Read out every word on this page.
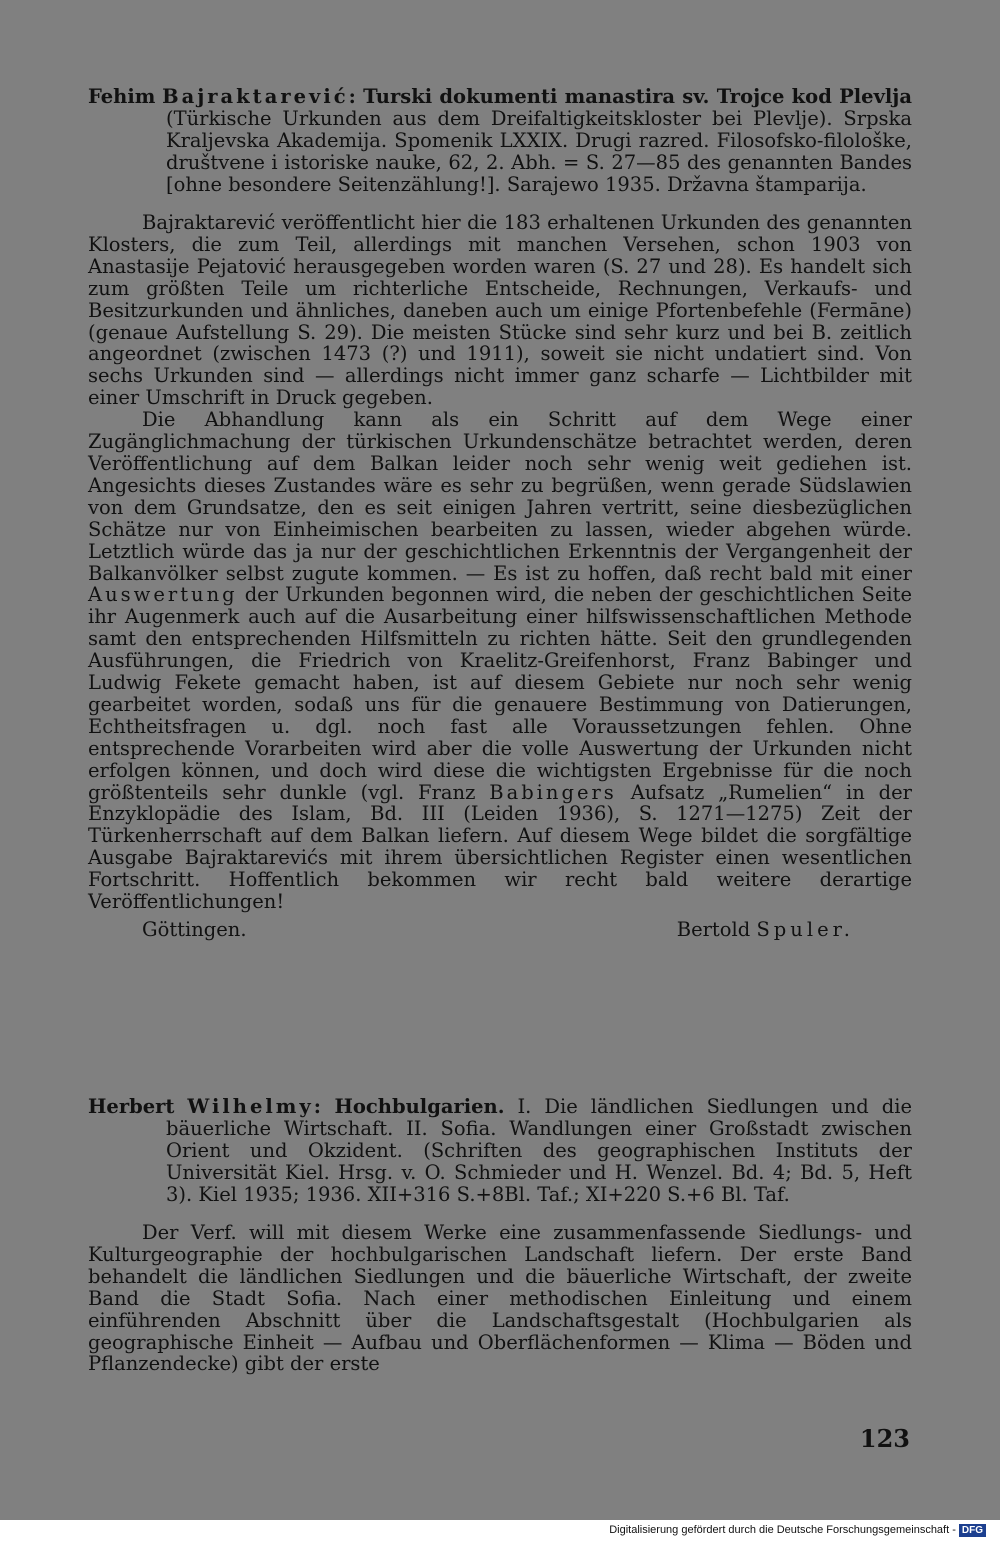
Fehim Bajraktarević: Turski dokumenti manastira sv. Trojce kod Plevlja (Türkische Urkunden aus dem Dreifaltigkeitskloster bei Plevlje). Srpska Kraljevska Akademija. Spomenik LXXIX. Drugi razred. Filosofsko-filološke, društvene i istoriske nauke, 62, 2. Abh. = S. 27—85 des genannten Bandes [ohne besondere Seitenzählung!]. Sarajewo 1935. Državna štamparija.

Bajraktarević veröffentlicht hier die 183 erhaltenen Urkunden des genannten Klosters, die zum Teil, allerdings mit manchen Versehen, schon 1903 von Anastasije Pejatović herausgegeben worden waren (S. 27 und 28). Es handelt sich zum größten Teile um richterliche Entscheide, Rechnungen, Verkaufs- und Besitzurkunden und ähnliches, daneben auch um einige Pfortenbefehle (Fermāne) (genaue Aufstellung S. 29). Die meisten Stücke sind sehr kurz und bei B. zeitlich angeordnet (zwischen 1473 (?) und 1911), soweit sie nicht undatiert sind. Von sechs Urkunden sind — allerdings nicht immer ganz scharfe — Lichtbilder mit einer Umschrift in Druck gegeben.

Die Abhandlung kann als ein Schritt auf dem Wege einer Zugänglichmachung der türkischen Urkundenschätze betrachtet werden, deren Veröffentlichung auf dem Balkan leider noch sehr wenig weit gediehen ist. Angesichts dieses Zustandes wäre es sehr zu begrüßen, wenn gerade Südslawien von dem Grundsatze, den es seit einigen Jahren vertritt, seine diesbezüglichen Schätze nur von Einheimischen bearbeiten zu lassen, wieder abgehen würde. Letztlich würde das ja nur der geschichtlichen Erkenntnis der Vergangenheit der Balkanvölker selbst zugute kommen. — Es ist zu hoffen, daß recht bald mit einer Auswertung der Urkunden begonnen wird, die neben der geschichtlichen Seite ihr Augenmerk auch auf die Ausarbeitung einer hilfswissenschaftlichen Methode samt den entsprechenden Hilfsmitteln zu richten hätte. Seit den grundlegenden Ausführungen, die Friedrich von Kraelitz-Greifenhorst, Franz Babinger und Ludwig Fekete gemacht haben, ist auf diesem Gebiete nur noch sehr wenig gearbeitet worden, sodaß uns für die genauere Bestimmung von Datierungen, Echtheitsfragen u. dgl. noch fast alle Voraussetzungen fehlen. Ohne entsprechende Vorarbeiten wird aber die volle Auswertung der Urkunden nicht erfolgen können, und doch wird diese die wichtigsten Ergebnisse für die noch größtenteils sehr dunkle (vgl. Franz Babingers Aufsatz „Rumelien“ in der Enzyklopädie des Islam, Bd. III (Leiden 1936), S. 1271—1275) Zeit der Türkenherrschaft auf dem Balkan liefern. Auf diesem Wege bildet die sorgfältige Ausgabe Bajraktarevićs mit ihrem übersichtlichen Register einen wesentlichen Fortschritt. Hoffentlich bekommen wir recht bald weitere derartige Veröffentlichungen!

Göttingen.	Bertold Spuler.

Herbert Wilhelmy: Hochbulgarien. I. Die ländlichen Siedlungen und die bäuerliche Wirtschaft. II. Sofia. Wandlungen einer Großstadt zwischen Orient und Okzident. (Schriften des geographischen Instituts der Universität Kiel. Hrsg. v. O. Schmieder und H. Wenzel. Bd. 4; Bd. 5, Heft 3). Kiel 1935; 1936. XII+316 S.+8Bl. Taf.; XI+220 S.+6 Bl. Taf.

Der Verf. will mit diesem Werke eine zusammenfassende Siedlungs- und Kulturgeographie der hochbulgarischen Landschaft liefern. Der erste Band behandelt die ländlichen Siedlungen und die bäuerliche Wirtschaft, der zweite Band die Stadt Sofia. Nach einer methodischen Einleitung und einem einführenden Abschnitt über die Landschaftsgestalt (Hochbulgarien als geographische Einheit — Aufbau und Oberflächenformen — Klima — Böden und Pflanzendecke) gibt der erste

123
Digitalisierung gefördert durch die Deutsche Forschungsgemeinschaft - DFG
